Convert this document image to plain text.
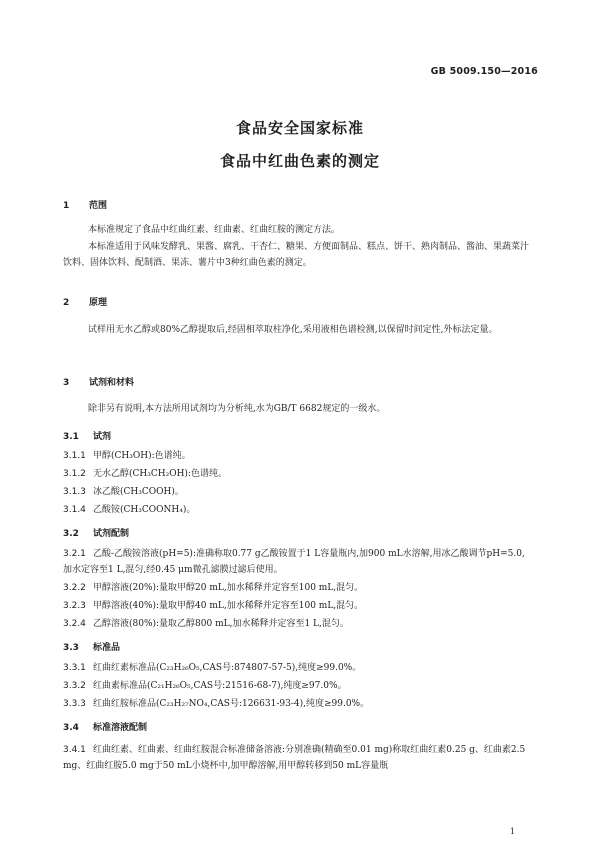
GB 5009.150—2016
食品安全国家标准
食品中红曲色素的测定
1 范围
本标准规定了食品中红曲红素、红曲素、红曲红胺的测定方法。
本标准适用于风味发酵乳、果酱、腐乳、干杏仁、糖果、方便面制品、糕点、饼干、熟肉制品、酱油、果蔬菜汁饮料、固体饮料、配制酒、果冻、薯片中3种红曲色素的测定。
2 原理
试样用无水乙醇或80%乙醇提取后,经固相萃取柱净化,采用液相色谱检测,以保留时间定性,外标法定量。
3 试剂和材料
除非另有说明,本方法所用试剂均为分析纯,水为GB/T 6682规定的一级水。
3.1 试剂
3.1.1 甲醇(CH₃OH):色谱纯。
3.1.2 无水乙醇(CH₃CH₂OH):色谱纯。
3.1.3 冰乙酸(CH₃COOH)。
3.1.4 乙酸铵(CH₃COONH₄)。
3.2 试剂配制
3.2.1 乙酸-乙酸铵溶液(pH=5):准确称取0.77 g乙酸铵置于1 L容量瓶内,加900 mL水溶解,用冰乙酸调节pH=5.0,加水定容至1 L,混匀,经0.45 μm微孔滤膜过滤后使用。
3.2.2 甲醇溶液(20%):量取甲醇20 mL,加水稀释并定容至100 mL,混匀。
3.2.3 甲醇溶液(40%):量取甲醇40 mL,加水稀释并定容至100 mL,混匀。
3.2.4 乙醇溶液(80%):量取乙醇800 mL,加水稀释并定容至1 L,混匀。
3.3 标准品
3.3.1 红曲红素标准品(C₂₃H₂₆O₅,CAS号:874807-57-5),纯度≥99.0%。
3.3.2 红曲素标准品(C₂₁H₂₆O₅,CAS号:21516-68-7),纯度≥97.0%。
3.3.3 红曲红胺标准品(C₂₃H₂₇NO₄,CAS号:126631-93-4),纯度≥99.0%。
3.4 标准溶液配制
3.4.1 红曲红素、红曲素、红曲红胺混合标准储备溶液:分别准确(精确至0.01 mg)称取红曲红素0.25 g、红曲素2.5 mg、红曲红胺5.0 mg于50 mL小烧杯中,加甲醇溶解,用甲醇转移到50 mL容量瓶
1
